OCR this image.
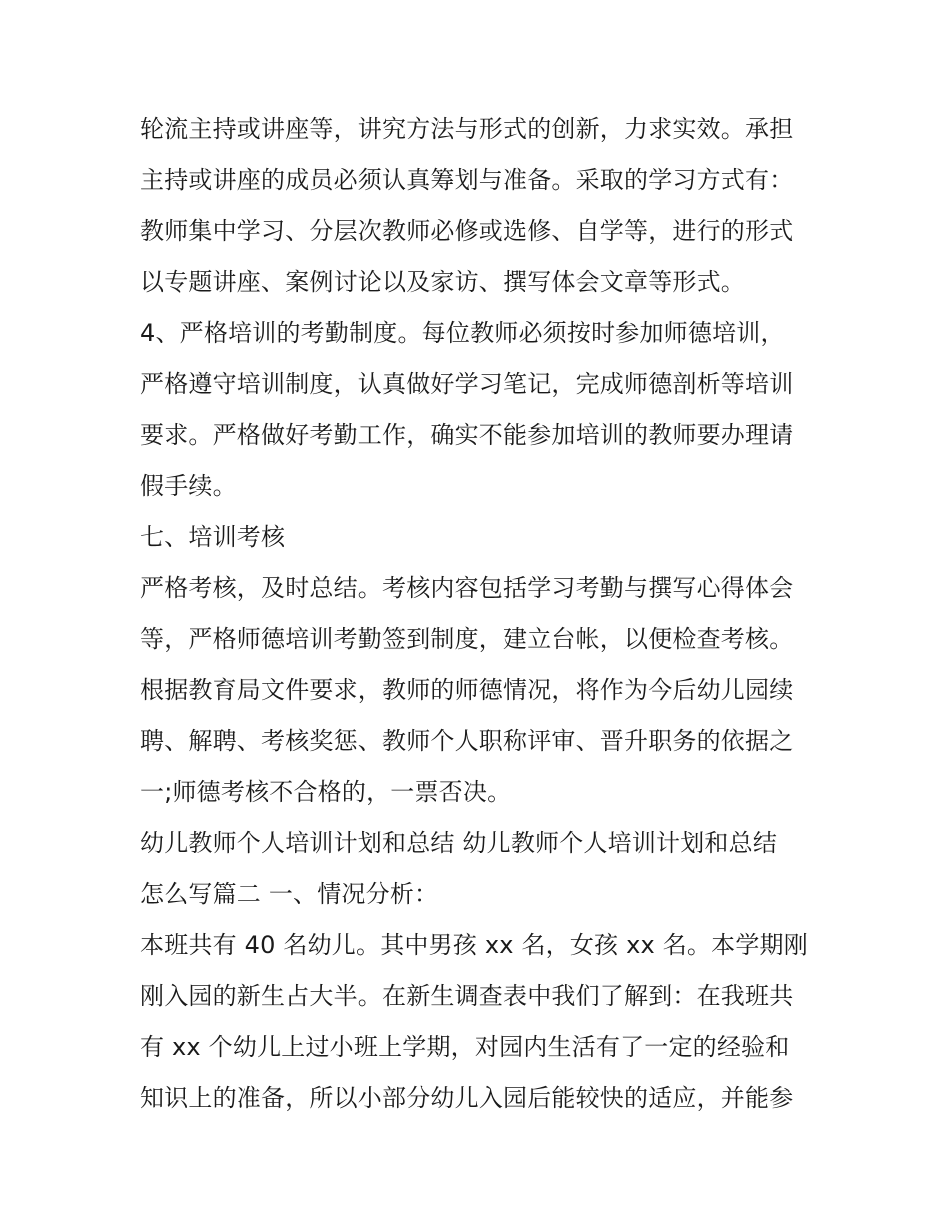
轮流主持或讲座等，讲究方法与形式的创新，力求实效。承担
主持或讲座的成员必须认真筹划与准备。采取的学习方式有：
教师集中学习、分层次教师必修或选修、自学等，进行的形式
以专题讲座、案例讨论以及家访、撰写体会文章等形式。
4、严格培训的考勤制度。每位教师必须按时参加师德培训，
严格遵守培训制度，认真做好学习笔记，完成师德剖析等培训
要求。严格做好考勤工作，确实不能参加培训的教师要办理请
假手续。
七、培训考核
严格考核，及时总结。考核内容包括学习考勤与撰写心得体会
等，严格师德培训考勤签到制度，建立台帐，以便检查考核。
根据教育局文件要求，教师的师德情况，将作为今后幼儿园续
聘、解聘、考核奖惩、教师个人职称评审、晋升职务的依据之
一;师德考核不合格的，一票否决。
幼儿教师个人培训计划和总结 幼儿教师个人培训计划和总结
怎么写篇二 一、情况分析：
本班共有 40 名幼儿。其中男孩 xx 名，女孩 xx 名。本学期刚
刚入园的新生占大半。在新生调查表中我们了解到：在我班共
有 xx 个幼儿上过小班上学期，对园内生活有了一定的经验和
知识上的准备，所以小部分幼儿入园后能较快的适应，并能参
